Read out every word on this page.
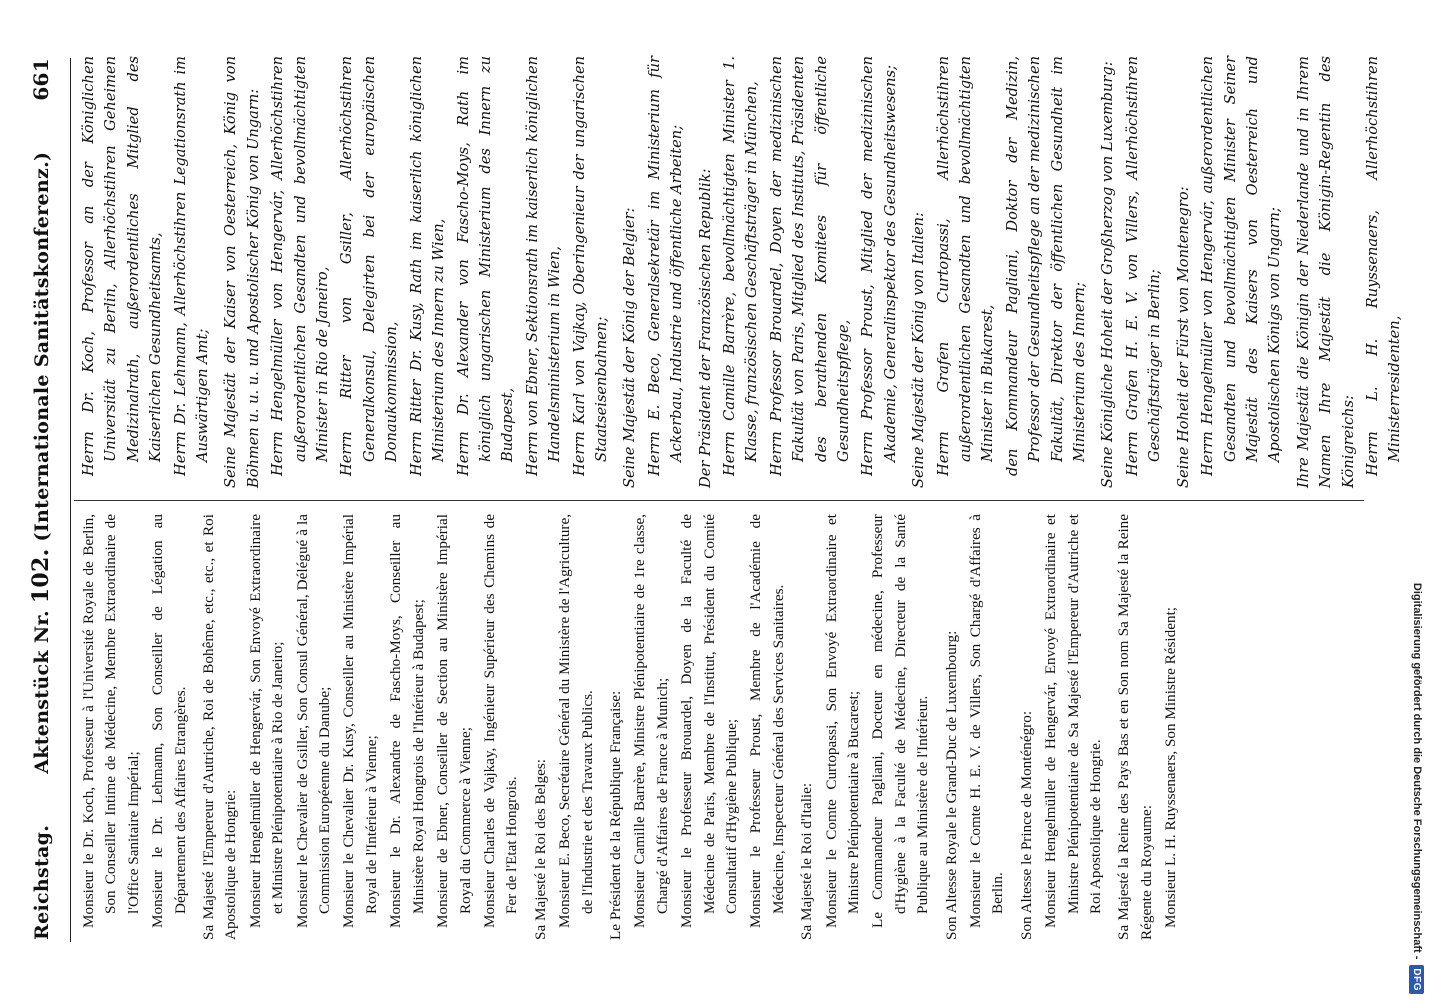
Reichstag.
Aktenstück Nr. 102. (Internationale Sanitätskonferenz.)
661

Monsieur le Dr. Koch, Professeur à l'Université Royale de Berlin, Son Conseiller Intime de Médecine, Membre Extraordinaire de l'Office Sanitaire Impérial; Monsieur le Dr. Lehmann, Son Conseiller de Légation au Département des Affaires Etrangères. Sa Majesté l'Empereur d'Autriche, Roi de Bohême, etc., etc., et Roi Apostolique de Hongrie: Monsieur Hengelmüller de Hengervár, Son Envoyé Extraordinaire et Ministre Plénipotentiaire à Rio de Janeiro; Monsieur le Chevalier de Gsiller, Son Consul Général, Délégué à la Commission Européenne du Danube; Monsieur le Chevalier Dr. Kusy, Conseiller au Ministère Impérial Royal de l'Intérieur à Vienne; Monsieur le Dr. Alexandre de Fascho-Moys, Conseiller au Ministère Royal Hongrois de l'Intérieur à Budapest; Monsieur de Ebner, Conseiller de Section au Ministère Impérial Royal du Commerce à Vienne; Monsieur Charles de Vajkay, Ingénieur Supérieur des Chemins de Fer de l'Etat Hongrois. Sa Majesté le Roi des Belges: Monsieur E. Beco, Secrétaire Général du Ministère de l'Agriculture, de l'Industrie et des Travaux Publics. Le Président de la République Française: Monsieur Camille Barrère, Ministre Plénipotentiaire de 1re classe, Chargé d'Affaires de France à Munich; Monsieur le Professeur Brouardel, Doyen de la Faculté de Médecine de Paris, Membre de l'Institut, Président du Comité Consultatif d'Hygiène Publique; Monsieur le Professeur Proust, Membre de l'Académie de Médecine, Inspecteur Général des Services Sanitaires. Sa Majesté le Roi d'Italie: Monsieur le Comte Curtopassi, Son Envoyé Extraordinaire et Ministre Plénipotentiaire à Bucarest; Le Commandeur Pagliani, Docteur en médecine, Professeur d'Hygiène à la Faculté de Médecine, Directeur de la Santé Publique au Ministère de l'Intérieur. Son Altesse Royale le Grand-Duc de Luxembourg: Monsieur le Comte H. E. V. de Villers, Son Chargé d'Affaires à Berlin. Son Altesse le Prince de Monténégro: Monsieur Hengelmüller de Hengervár, Envoyé Extraordinaire et Ministre Plénipotentiaire de Sa Majesté l'Empereur d'Autriche et Roi Apostolique de Hongrie. Sa Majesté la Reine des Pays Bas et en Son nom Sa Majesté la Reine Régente du Royaume: Monsieur L. H. Ruyssenaers, Son Ministre Résident;

Herrn Dr. Koch, Professor an der Königlichen Universität zu Berlin, Allerhöchstihren Geheimen Medizinalrath, außerordentliches Mitglied des Kaiserlichen Gesundheitsamts, Herrn Dr. Lehmann, Allerhöchstihren Legationsrath im Auswärtigen Amt; Seine Majestät der Kaiser von Oesterreich, König von Böhmen u. u. u. und Apostolischer König von Ungarn: Herrn Hengelmüller von Hengervár, Allerhöchstihren außerordentlichen Gesandten und bevollmächtigten Minister in Rio de Janeiro, Herrn Ritter von Gsiller, Allerhöchstihren Generalkonsul, Delegirten bei der europäischen Donaukommission, Herrn Ritter Dr. Kusy, Rath im kaiserlich königlichen Ministerium des Innern zu Wien, Herrn Dr. Alexander von Fascho-Moys, Rath im königlich ungarischen Ministerium des Innern zu Budapest, Herrn von Ebner, Sektionsrath im kaiserlich königlichen Handelsministerium in Wien, Herrn Karl von Vajkay, Oberingenieur der ungarischen Staatseisenbahnen; Seine Majestät der König der Belgier: Herrn E. Beco, Generalsekretär im Ministerium für Ackerbau, Industrie und öffentliche Arbeiten; Der Präsident der Französischen Republik: Herrn Camille Barrère, bevollmächtigten Minister 1. Klasse, französischen Geschäftsträger in München, Herrn Professor Brouardel, Doyen der medizinischen Fakultät von Paris, Mitglied des Instituts, Präsidenten des berathenden Komitees für öffentliche Gesundheitspflege, Herrn Professor Proust, Mitglied der medizinischen Akademie, Generalinspektor des Gesundheitswesens; Seine Majestät der König von Italien: Herrn Grafen Curtopassi, Allerhöchstihren außerordentlichen Gesandten und bevollmächtigten Minister in Bukarest, den Kommandeur Pagliani, Doktor der Medizin, Professor der Gesundheitspflege an der medizinischen Fakultät, Direktor der öffentlichen Gesundheit im Ministerium des Innern; Seine Königliche Hoheit der Großherzog von Luxemburg: Herrn Grafen H. E. V. von Villers, Allerhöchstihren Geschäftsträger in Berlin; Seine Hoheit der Fürst von Montenegro: Herrn Hengelmüller von Hengervár, außerordentlichen Gesandten und bevollmächtigten Minister Seiner Majestät des Kaisers von Oesterreich und Apostolischen Königs von Ungarn; Ihre Majestät die Königin der Niederlande und in Ihrem Namen Ihre Majestät die Königin-Regentin des Königreichs: Herrn L. H. Ruyssenaers, Allerhöchstihren Ministerresidenten,

Digitalisierung gefördert durch die Deutsche Forschungsgemeinschaft -
DFG
